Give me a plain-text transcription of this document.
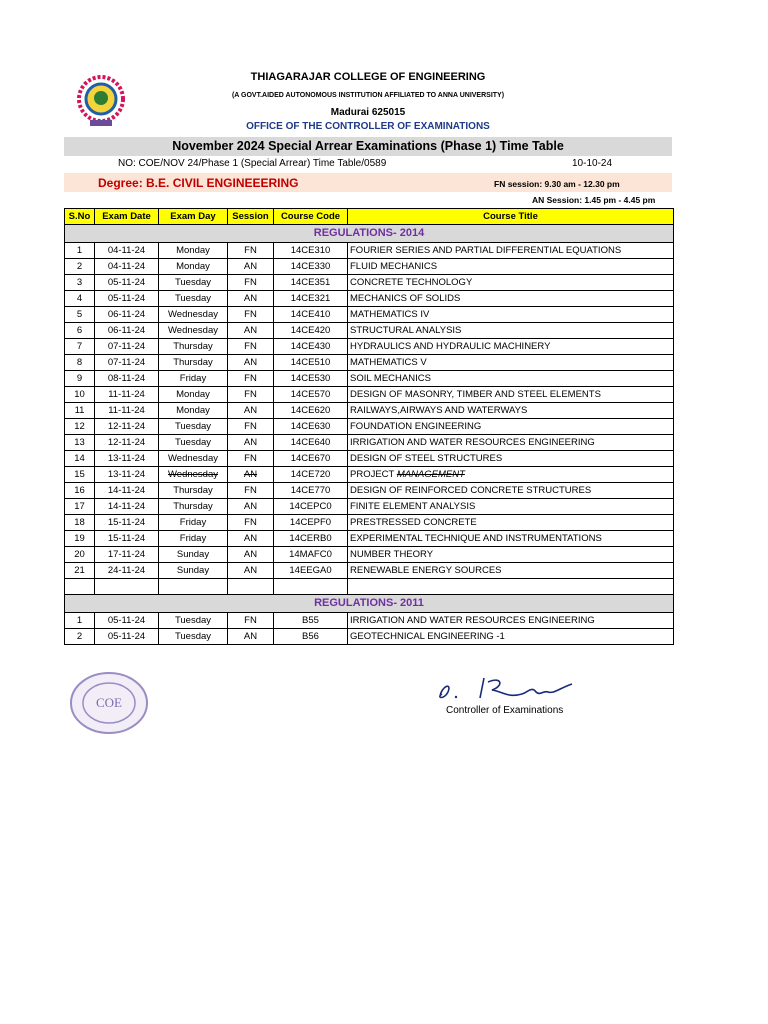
THIAGARAJAR COLLEGE OF ENGINEERING
(A GOVT.AIDED AUTONOMOUS INSTITUTION AFFILIATED TO ANNA UNIVERSITY)
Madurai 625015
OFFICE OF THE CONTROLLER OF EXAMINATIONS
November 2024 Special Arrear Examinations (Phase 1) Time Table
NO: COE/NOV 24/Phase 1 (Special Arrear) Time Table/0589	10-10-24
Degree: B.E. CIVIL ENGINEEERING	FN session: 9.30 am - 12.30 pm
AN Session: 1.45 pm - 4.45 pm
S.No	Exam Date	Exam Day	Session	Course Code	Course Title
REGULATIONS- 2014					
1	04-11-24	Monday	FN	14CE310	FOURIER SERIES AND PARTIAL DIFFERENTIAL EQUATIONS
2	04-11-24	Monday	AN	14CE330	FLUID MECHANICS
3	05-11-24	Tuesday	FN	14CE351	CONCRETE TECHNOLOGY
4	05-11-24	Tuesday	AN	14CE321	MECHANICS OF SOLIDS
5	06-11-24	Wednesday	FN	14CE410	MATHEMATICS IV
6	06-11-24	Wednesday	AN	14CE420	STRUCTURAL ANALYSIS
7	07-11-24	Thursday	FN	14CE430	HYDRAULICS AND HYDRAULIC MACHINERY
8	07-11-24	Thursday	AN	14CE510	MATHEMATICS V
9	08-11-24	Friday	FN	14CE530	SOIL MECHANICS
10	11-11-24	Monday	FN	14CE570	DESIGN OF MASONRY, TIMBER AND STEEL ELEMENTS
11	11-11-24	Monday	AN	14CE620	RAILWAYS,AIRWAYS AND WATERWAYS
12	12-11-24	Tuesday	FN	14CE630	FOUNDATION ENGINEERING
13	12-11-24	Tuesday	AN	14CE640	IRRIGATION AND WATER RESOURCES ENGINEERING
14	13-11-24	Wednesday	FN	14CE670	DESIGN OF STEEL STRUCTURES
15	13-11-24	Wednesday	AN	14CE720	PROJECT MANAGEMENT
16	14-11-24	Thursday	FN	14CE770	DESIGN OF REINFORCED CONCRETE STRUCTURES
17	14-11-24	Thursday	AN	14CEPC0	FINITE ELEMENT ANALYSIS
18	15-11-24	Friday	FN	14CEPF0	PRESTRESSED CONCRETE
19	15-11-24	Friday	AN	14CERB0	EXPERIMENTAL TECHNIQUE AND INSTRUMENTATIONS
20	17-11-24	Sunday	AN	14MAFC0	NUMBER THEORY
21	24-11-24	Sunday	AN	14EEGA0	RENEWABLE ENERGY SOURCES

REGULATIONS- 2011					
1	05-11-24	Tuesday	FN	B55	IRRIGATION AND WATER RESOURCES ENGINEERING
2	05-11-24	Tuesday	AN	B56	GEOTECHNICAL ENGINEERING -1
COE
Controller of Examinations
